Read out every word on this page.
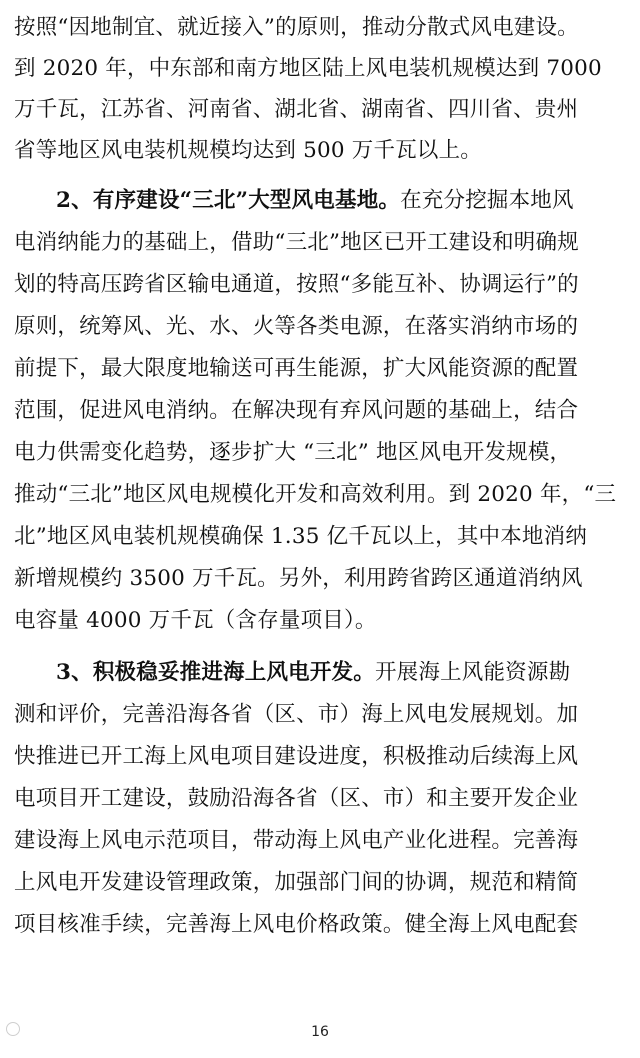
按照“因地制宜、就近接入”的原则，推动分散式风电建设。
到 2020 年，中东部和南方地区陆上风电装机规模达到 7000
万千瓦，江苏省、河南省、湖北省、湖南省、四川省、贵州
省等地区风电装机规模均达到 500 万千瓦以上。
2、有序建设“三北”大型风电基地。在充分挖掘本地风
电消纳能力的基础上，借助“三北”地区已开工建设和明确规
划的特高压跨省区输电通道，按照“多能互补、协调运行”的
原则，统筹风、光、水、火等各类电源，在落实消纳市场的
前提下，最大限度地输送可再生能源，扩大风能资源的配置
范围，促进风电消纳。在解决现有弃风问题的基础上，结合
电力供需变化趋势，逐步扩大 “三北” 地区风电开发规模，
推动“三北”地区风电规模化开发和高效利用。到 2020 年，“三
北”地区风电装机规模确保 1.35 亿千瓦以上，其中本地消纳
新增规模约 3500 万千瓦。另外，利用跨省跨区通道消纳风
电容量 4000 万千瓦（含存量项目）。
3、积极稳妥推进海上风电开发。开展海上风能资源勘
测和评价，完善沿海各省（区、市）海上风电发展规划。加
快推进已开工海上风电项目建设进度，积极推动后续海上风
电项目开工建设，鼓励沿海各省（区、市）和主要开发企业
建设海上风电示范项目，带动海上风电产业化进程。完善海
上风电开发建设管理政策，加强部门间的协调，规范和精简
项目核准手续，完善海上风电价格政策。健全海上风电配套
16
